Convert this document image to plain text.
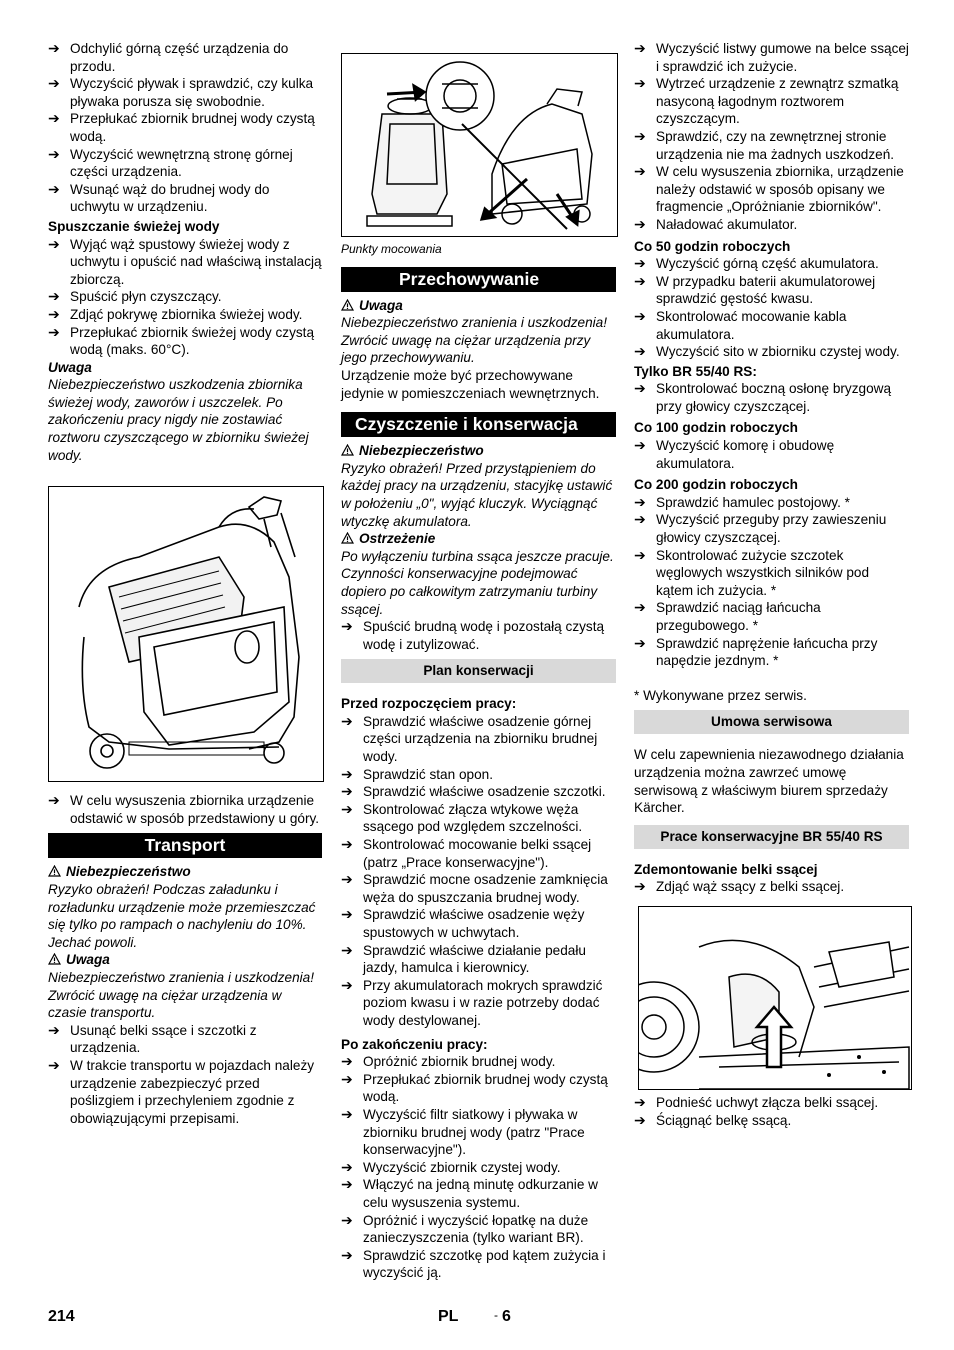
➔ Odchylić górną część urządzenia do przodu.
➔ Wyczyścić pływak i sprawdzić, czy kulka pływaka porusza się swobodnie.
➔ Przepłukać zbiornik brudnej wody czystą wodą.
➔ Wyczyścić wewnętrzną stronę górnej części urządzenia.
➔ Wsunąć wąż do brudnej wody do uchwytu w urządzeniu.
Spuszczanie świeżej wody
➔ Wyjąć wąż spustowy świeżej wody z uchwytu i opuścić nad właściwą instalacją zbiorczą.
➔ Spuścić płyn czyszczący.
➔ Zdjąć pokrywę zbiornika świeżej wody.
➔ Przepłukać zbiornik świeżej wody czystą wodą (maks. 60°C).
Uwaga
Niebezpieczeństwo uszkodzenia zbiornika świeżej wody, zaworów i uszczelek. Po zakończeniu pracy nigdy nie zostawiać roztworu czyszczącego w zbiorniku świeżej wody.
➔ W celu wysuszenia zbiornika urządzenie odstawić w sposób przedstawiony u góry.
Transport
Niebezpieczeństwo
Ryzyko obrażeń! Podczas załadunku i rozładunku urządzenie może przemieszczać się tylko po rampach o nachyleniu do 10%. Jechać powoli.
Uwaga
Niebezpieczeństwo zranienia i uszkodzenia! Zwrócić uwagę na ciężar urządzenia w czasie transportu.
➔ Usunąć belki ssące i szczotki z urządzenia.
➔ W trakcie transportu w pojazdach należy urządzenie zabezpieczyć przed poślizgiem i przechyleniem zgodnie z obowiązującymi przepisami.
Punkty mocowania
Przechowywanie
Uwaga
Niebezpieczeństwo zranienia i uszkodzenia! Zwrócić uwagę na ciężar urządzenia przy jego przechowywaniu.
Urządzenie może być przechowywane jedynie w pomieszczeniach wewnętrznych.
Czyszczenie i konserwacja
Niebezpieczeństwo
Ryzyko obrażeń! Przed przystąpieniem do każdej pracy na urządzeniu, stacyjkę ustawić w położeniu „0", wyjąć kluczyk. Wyciągnąć wtyczkę akumulatora.
Ostrzeżenie
Po wyłączeniu turbina ssąca jeszcze pracuje. Czynności konserwacyjne podejmować dopiero po całkowitym zatrzymaniu turbiny ssącej.
➔ Spuścić brudną wodę i pozostałą czystą wodę i zutylizować.
Plan konserwacji
Przed rozpoczęciem pracy:
➔ Sprawdzić właściwe osadzenie górnej części urządzenia na zbiorniku brudnej wody.
➔ Sprawdzić stan opon.
➔ Sprawdzić właściwe osadzenie szczotki.
➔ Skontrolować złącza wtykowe węża ssącego pod względem szczelności.
➔ Skontrolować mocowanie belki ssącej (patrz „Prace konserwacyjne").
➔ Sprawdzić mocne osadzenie zamknięcia węża do spuszczania brudnej wody.
➔ Sprawdzić właściwe osadzenie węży spustowych w uchwytach.
➔ Sprawdzić właściwe działanie pedału jazdy, hamulca i kierownicy.
➔ Przy akumulatorach mokrych sprawdzić poziom kwasu i w razie potrzeby dodać wody destylowanej.
Po zakończeniu pracy:
➔ Opróżnić zbiornik brudnej wody.
➔ Przepłukać zbiornik brudnej wody czystą wodą.
➔ Wyczyścić filtr siatkowy i pływaka w zbiorniku brudnej wody (patrz "Prace konserwacyjne").
➔ Wyczyścić zbiornik czystej wody.
➔ Włączyć na jedną minutę odkurzanie w celu wysuszenia systemu.
➔ Opróżnić i wyczyścić łopatkę na duże zanieczyszczenia (tylko wariant BR).
➔ Sprawdzić szczotkę pod kątem zużycia i wyczyścić ją.
➔ Wyczyścić listwy gumowe na belce ssącej i sprawdzić ich zużycie.
➔ Wytrzeć urządzenie z zewnątrz szmatką nasyconą łagodnym roztworem czyszczącym.
➔ Sprawdzić, czy na zewnętrznej stronie urządzenia nie ma żadnych uszkodzeń.
➔ W celu wysuszenia zbiornika, urządzenie należy odstawić w sposób opisany we fragmencie „Opróżnianie zbiorników".
➔ Naładować akumulator.
Co 50 godzin roboczych
➔ Wyczyścić górną część akumulatora.
➔ W przypadku baterii akumulatorowej sprawdzić gęstość kwasu.
➔ Skontrolować mocowanie kabla akumulatora.
➔ Wyczyścić sito w zbiorniku czystej wody.
Tylko BR 55/40 RS:
➔ Skontrolować boczną osłonę bryzgową przy głowicy czyszczącej.
Co 100 godzin roboczych
➔ Wyczyścić komorę i obudowę akumulatora.
Co 200 godzin roboczych
➔ Sprawdzić hamulec postojowy. *
➔ Wyczyścić przeguby przy zawieszeniu głowicy czyszczącej.
➔ Skontrolować zużycie szczotek węglowych wszystkich silników pod kątem ich zużycia. *
➔ Sprawdzić naciąg łańcucha przegubowego. *
➔ Sprawdzić naprężenie łańcucha przy napędzie jezdnym. *
* Wykonywane przez serwis.
Umowa serwisowa
W celu zapewnienia niezawodnego działania urządzenia można zawrzeć umowę serwisową z właściwym biurem sprzedaży Kärcher.
Prace konserwacyjne BR 55/40 RS
Zdemontowanie belki ssącej
➔ Zdjąć wąż ssący z belki ssącej.
➔ Podnieść uchwyt złącza belki ssącej.
➔ Ściągnąć belkę ssącą.
214	PL	- 6
